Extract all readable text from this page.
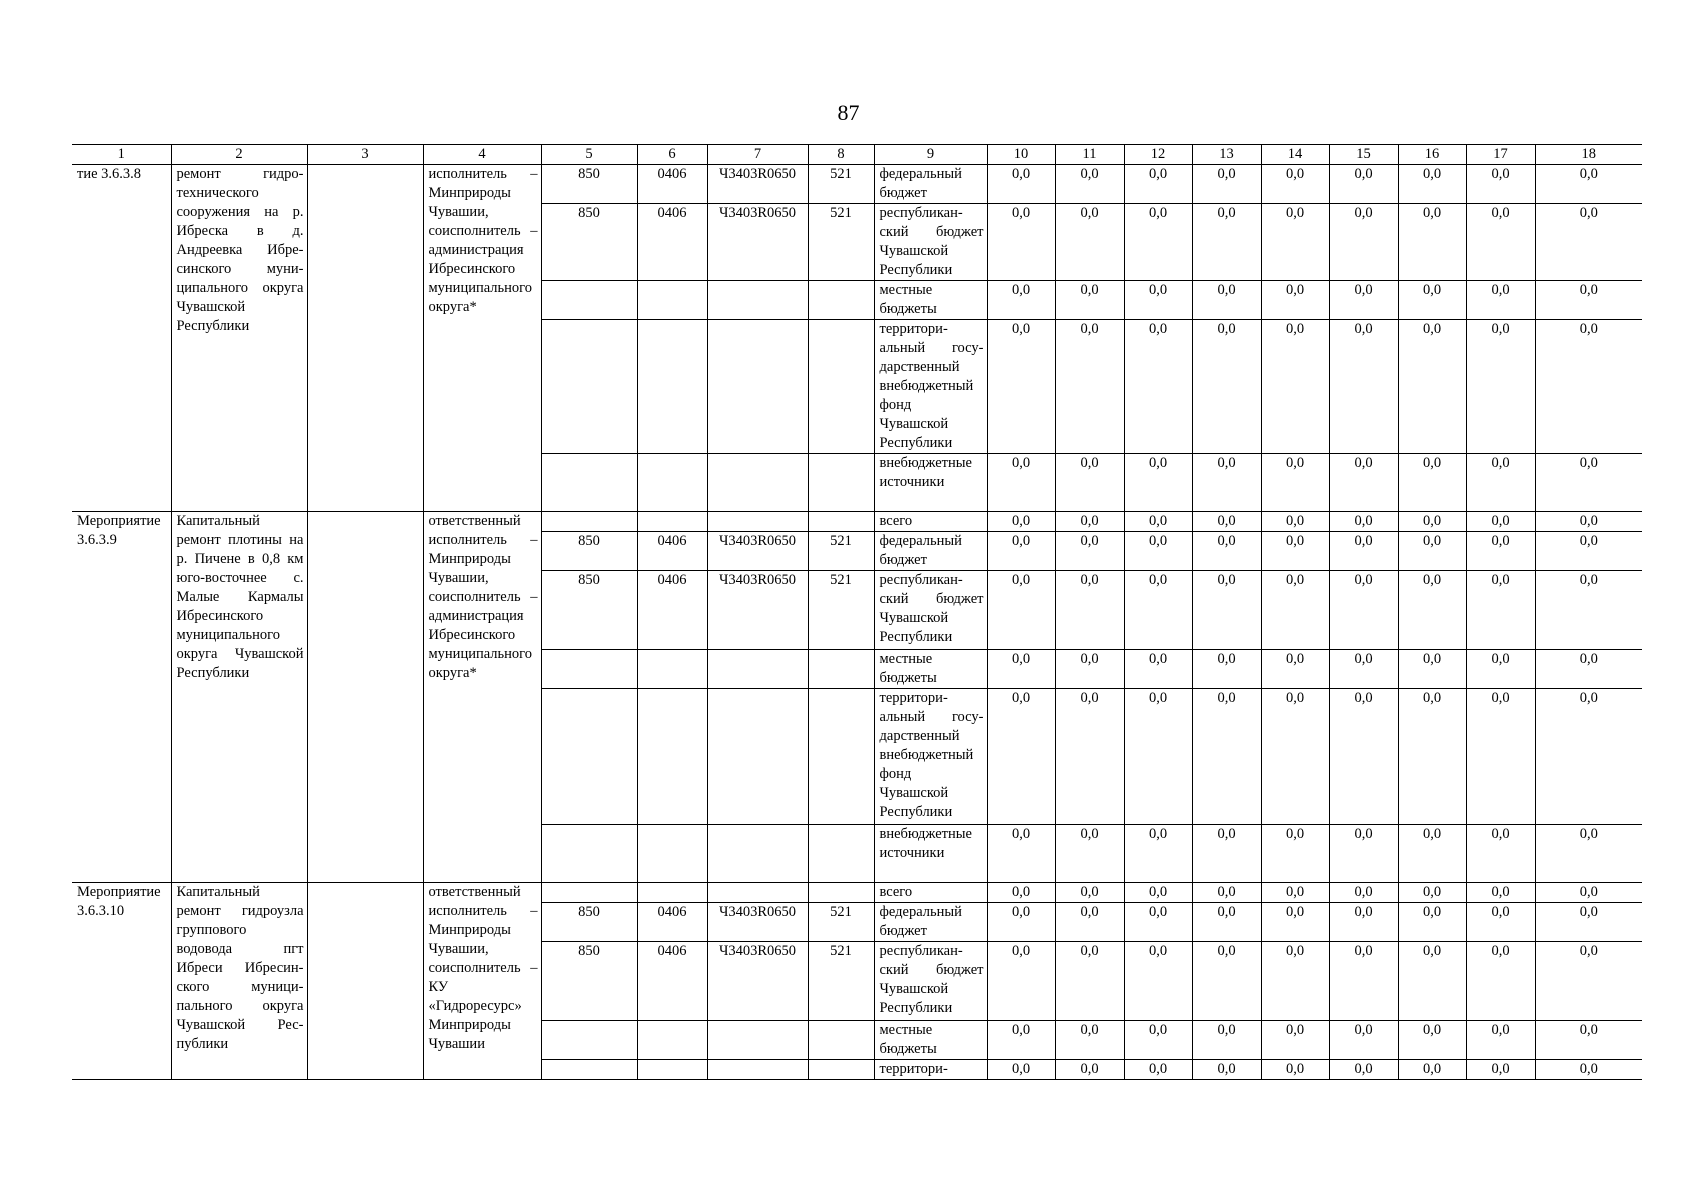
87
1	2	3	4	5	6	7	8	9	10	11	12	13	14	15	16	17	18
тие 3.6.3.8	ремонт гидротехнического сооружения на р. Ибреска в д. Андреевка Ибресинского муниципального округа Чувашской Республики		исполнитель – Минприроды Чувашии, соисполнитель – администрация Ибресинского муниципального округа*	850	0406	Ч3403R0650	521	федеральный бюджет	0,0	0,0	0,0	0,0	0,0	0,0	0,0	0,0	0,0
				850	0406	Ч3403R0650	521	республиканский бюджет Чувашской Республики	0,0	0,0	0,0	0,0	0,0	0,0	0,0	0,0	0,0
								местные бюджеты	0,0	0,0	0,0	0,0	0,0	0,0	0,0	0,0	0,0
								территориальный государственный внебюджетный фонд Чувашской Республики	0,0	0,0	0,0	0,0	0,0	0,0	0,0	0,0	0,0
								внебюджетные источники	0,0	0,0	0,0	0,0	0,0	0,0	0,0	0,0	0,0
Мероприятие 3.6.3.9	Капитальный ремонт плотины на р. Пичене в 0,8 км юго-восточнее с. Малые Кармалы Ибресинского муниципального округа Чувашской Республики		ответственный исполнитель – Минприроды Чувашии, соисполнитель – администрация Ибресинского муниципального округа*					всего	0,0	0,0	0,0	0,0	0,0	0,0	0,0	0,0	0,0
				850	0406	Ч3403R0650	521	федеральный бюджет	0,0	0,0	0,0	0,0	0,0	0,0	0,0	0,0	0,0
				850	0406	Ч3403R0650	521	республиканский бюджет Чувашской Республики	0,0	0,0	0,0	0,0	0,0	0,0	0,0	0,0	0,0
								местные бюджеты	0,0	0,0	0,0	0,0	0,0	0,0	0,0	0,0	0,0
								территориальный государственный внебюджетный фонд Чувашской Республики	0,0	0,0	0,0	0,0	0,0	0,0	0,0	0,0	0,0
								внебюджетные источники	0,0	0,0	0,0	0,0	0,0	0,0	0,0	0,0	0,0
Мероприятие 3.6.3.10	Капитальный ремонт гидроузла группового водовода пгт Ибреси Ибресинского муниципального округа Чувашской Республики		ответственный исполнитель – Минприроды Чувашии, соисполнитель – КУ «Гидроресурс» Минприроды Чувашии					всего	0,0	0,0	0,0	0,0	0,0	0,0	0,0	0,0	0,0
				850	0406	Ч3403R0650	521	федеральный бюджет	0,0	0,0	0,0	0,0	0,0	0,0	0,0	0,0	0,0
				850	0406	Ч3403R0650	521	республиканский бюджет Чувашской Республики	0,0	0,0	0,0	0,0	0,0	0,0	0,0	0,0	0,0
								местные бюджеты	0,0	0,0	0,0	0,0	0,0	0,0	0,0	0,0	0,0
								территори-	0,0	0,0	0,0	0,0	0,0	0,0	0,0	0,0	0,0
